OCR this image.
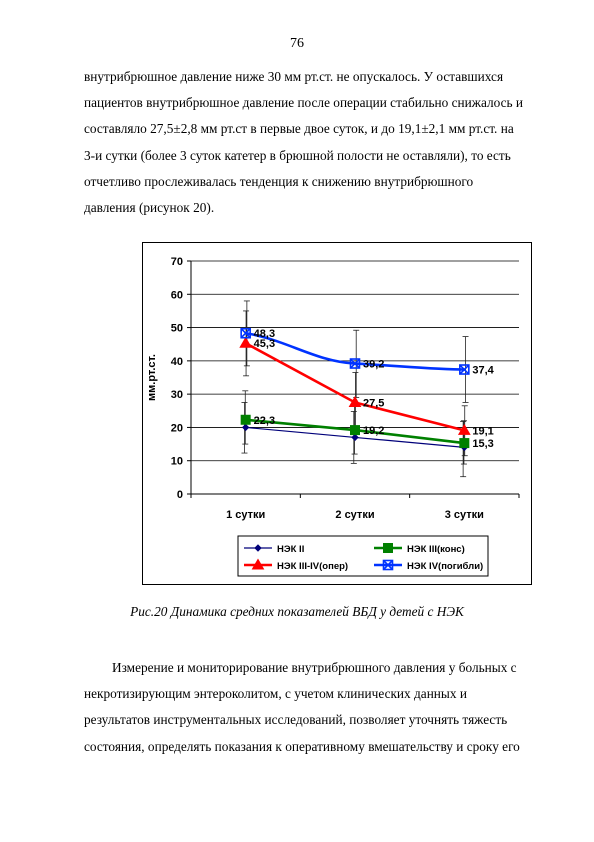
76

внутрибрюшное давление ниже 30 мм рт.ст. не опускалось. У оставшихся

пациентов внутрибрюшное давление после операции стабильно снижалось и

составляло 27,5±2,8 мм рт.ст в первые двое суток, и до 19,1±2,1 мм рт.ст. на

3-и сутки (более 3 суток катетер в брюшной полости не оставляли), то есть

отчетливо прослеживалась тенденция к снижению внутрибрюшного

давления (рисунок 20).

0
10
20
30
40
50
60
70
1 сутки	2 сутки	3 сутки
мм.рт.ст.
22,3
19,2
15,3
45,3
27,5
19,1
48,3
39,2	37,4
НЭК II	НЭК III(конс)
НЭК III-IV(опер)	НЭК IV(погибли)
Рис.20 Динамика средних показателей ВБД у детей с НЭК

Измерение и мониторирование внутрибрюшного давления у больных с

некротизирующим энтероколитом, с учетом клинических данных и

результатов инструментальных исследований, позволяет уточнять тяжесть

состояния, определять показания к оперативному вмешательству и сроку его
